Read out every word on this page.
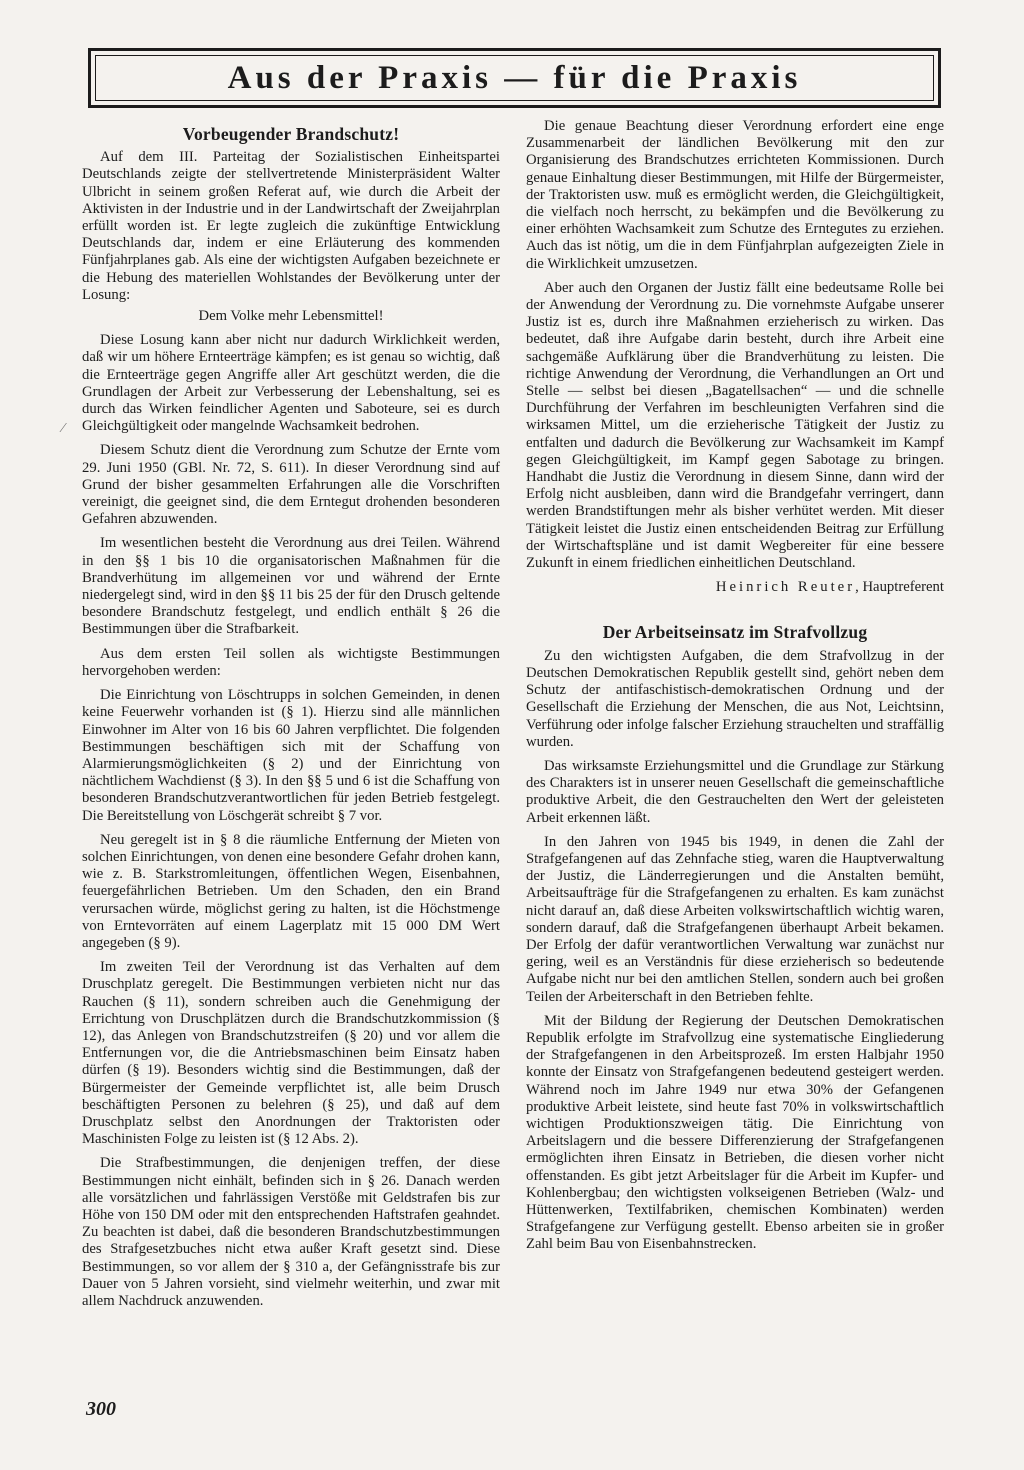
Aus der Praxis — für die Praxis
Vorbeugender Brandschutz!

Auf dem III. Parteitag der Sozialistischen Einheitspartei Deutschlands zeigte der stellvertretende Ministerpräsident Walter Ulbricht in seinem großen Referat auf, wie durch die Arbeit der Aktivisten in der Industrie und in der Landwirtschaft der Zweijahrplan erfüllt worden ist. Er legte zugleich die zukünftige Entwicklung Deutschlands dar, indem er eine Erläuterung des kommenden Fünfjahrplanes gab. Als eine der wichtigsten Aufgaben bezeichnete er die Hebung des materiellen Wohlstandes der Bevölkerung unter der Losung:

Dem Volke mehr Lebensmittel!

Diese Losung kann aber nicht nur dadurch Wirklichkeit werden, daß wir um höhere Ernteerträge kämpfen; es ist genau so wichtig, daß die Ernteerträge gegen Angriffe aller Art geschützt werden, die die Grundlagen der Arbeit zur Verbesserung der Lebenshaltung, sei es durch das Wirken feindlicher Agenten und Saboteure, sei es durch Gleichgültigkeit oder mangelnde Wachsamkeit bedrohen.

Diesem Schutz dient die Verordnung zum Schutze der Ernte vom 29. Juni 1950 (GBl. Nr. 72, S. 611). In dieser Verordnung sind auf Grund der bisher gesammelten Erfahrungen alle die Vorschriften vereinigt, die geeignet sind, die dem Erntegut drohenden besonderen Gefahren abzuwenden.

Im wesentlichen besteht die Verordnung aus drei Teilen. Während in den §§ 1 bis 10 die organisatorischen Maßnahmen für die Brandverhütung im allgemeinen vor und während der Ernte niedergelegt sind, wird in den §§ 11 bis 25 der für den Drusch geltende besondere Brandschutz festgelegt, und endlich enthält § 26 die Bestimmungen über die Strafbarkeit.

Aus dem ersten Teil sollen als wichtigste Bestimmungen hervorgehoben werden:

Die Einrichtung von Löschtrupps in solchen Gemeinden, in denen keine Feuerwehr vorhanden ist (§ 1). Hierzu sind alle männlichen Einwohner im Alter von 16 bis 60 Jahren verpflichtet. Die folgenden Bestimmungen beschäftigen sich mit der Schaffung von Alarmierungsmöglichkeiten (§ 2) und der Einrichtung von nächtlichem Wachdienst (§ 3). In den §§ 5 und 6 ist die Schaffung von besonderen Brandschutzverantwortlichen für jeden Betrieb festgelegt. Die Bereitstellung von Löschgerät schreibt § 7 vor.

Neu geregelt ist in § 8 die räumliche Entfernung der Mieten von solchen Einrichtungen, von denen eine besondere Gefahr drohen kann, wie z. B. Starkstromleitungen, öffentlichen Wegen, Eisenbahnen, feuergefährlichen Betrieben. Um den Schaden, den ein Brand verursachen würde, möglichst gering zu halten, ist die Höchstmenge von Erntevorräten auf einem Lagerplatz mit 15 000 DM Wert angegeben (§ 9).

Im zweiten Teil der Verordnung ist das Verhalten auf dem Druschplatz geregelt. Die Bestimmungen verbieten nicht nur das Rauchen (§ 11), sondern schreiben auch die Genehmigung der Errichtung von Druschplätzen durch die Brandschutzkommission (§ 12), das Anlegen von Brandschutzstreifen (§ 20) und vor allem die Entfernungen vor, die die Antriebsmaschinen beim Einsatz haben dürfen (§ 19). Besonders wichtig sind die Bestimmungen, daß der Bürgermeister der Gemeinde verpflichtet ist, alle beim Drusch beschäftigten Personen zu belehren (§ 25), und daß auf dem Druschplatz selbst den Anordnungen der Traktoristen oder Maschinisten Folge zu leisten ist (§ 12 Abs. 2).

Die Strafbestimmungen, die denjenigen treffen, der diese Bestimmungen nicht einhält, befinden sich in § 26. Danach werden alle vorsätzlichen und fahrlässigen Verstöße mit Geldstrafen bis zur Höhe von 150 DM oder mit den entsprechenden Haftstrafen geahndet. Zu beachten ist dabei, daß die besonderen Brandschutzbestimmungen des Strafgesetzbuches nicht etwa außer Kraft gesetzt sind. Diese Bestimmungen, so vor allem der § 310 a, der Gefängnisstrafe bis zur Dauer von 5 Jahren vorsieht, sind vielmehr weiterhin, und zwar mit allem Nachdruck anzuwenden.

Die genaue Beachtung dieser Verordnung erfordert eine enge Zusammenarbeit der ländlichen Bevölkerung mit den zur Organisierung des Brandschutzes errichteten Kommissionen. Durch genaue Einhaltung dieser Bestimmungen, mit Hilfe der Bürgermeister, der Traktoristen usw. muß es ermöglicht werden, die Gleichgültigkeit, die vielfach noch herrscht, zu bekämpfen und die Bevölkerung zu einer erhöhten Wachsamkeit zum Schutze des Erntegutes zu erziehen. Auch das ist nötig, um die in dem Fünfjahrplan aufgezeigten Ziele in die Wirklichkeit umzusetzen.

Aber auch den Organen der Justiz fällt eine bedeutsame Rolle bei der Anwendung der Verordnung zu. Die vornehmste Aufgabe unserer Justiz ist es, durch ihre Maßnahmen erzieherisch zu wirken. Das bedeutet, daß ihre Aufgabe darin besteht, durch ihre Arbeit eine sachgemäße Aufklärung über die Brandverhütung zu leisten. Die richtige Anwendung der Verordnung, die Verhandlungen an Ort und Stelle — selbst bei diesen „Bagatellsachen“ — und die schnelle Durchführung der Verfahren im beschleunigten Verfahren sind die wirksamen Mittel, um die erzieherische Tätigkeit der Justiz zu entfalten und dadurch die Bevölkerung zur Wachsamkeit im Kampf gegen Gleichgültigkeit, im Kampf gegen Sabotage zu bringen. Handhabt die Justiz die Verordnung in diesem Sinne, dann wird der Erfolg nicht ausbleiben, dann wird die Brandgefahr verringert, dann werden Brandstiftungen mehr als bisher verhütet werden. Mit dieser Tätigkeit leistet die Justiz einen entscheidenden Beitrag zur Erfüllung der Wirtschaftspläne und ist damit Wegbereiter für eine bessere Zukunft in einem friedlichen einheitlichen Deutschland.

Heinrich Reuter, Hauptreferent

Der Arbeitseinsatz im Strafvollzug

Zu den wichtigsten Aufgaben, die dem Strafvollzug in der Deutschen Demokratischen Republik gestellt sind, gehört neben dem Schutz der antifaschistisch-demokratischen Ordnung und der Gesellschaft die Erziehung der Menschen, die aus Not, Leichtsinn, Verführung oder infolge falscher Erziehung strauchelten und straffällig wurden.

Das wirksamste Erziehungsmittel und die Grundlage zur Stärkung des Charakters ist in unserer neuen Gesellschaft die gemeinschaftliche produktive Arbeit, die den Gestrauchelten den Wert der geleisteten Arbeit erkennen läßt.

In den Jahren von 1945 bis 1949, in denen die Zahl der Strafgefangenen auf das Zehnfache stieg, waren die Hauptverwaltung der Justiz, die Länderregierungen und die Anstalten bemüht, Arbeitsaufträge für die Strafgefangenen zu erhalten. Es kam zunächst nicht darauf an, daß diese Arbeiten volkswirtschaftlich wichtig waren, sondern darauf, daß die Strafgefangenen überhaupt Arbeit bekamen. Der Erfolg der dafür verantwortlichen Verwaltung war zunächst nur gering, weil es an Verständnis für diese erzieherisch so bedeutende Aufgabe nicht nur bei den amtlichen Stellen, sondern auch bei großen Teilen der Arbeiterschaft in den Betrieben fehlte.

Mit der Bildung der Regierung der Deutschen Demokratischen Republik erfolgte im Strafvollzug eine systematische Eingliederung der Strafgefangenen in den Arbeitsprozeß. Im ersten Halbjahr 1950 konnte der Einsatz von Strafgefangenen bedeutend gesteigert werden. Während noch im Jahre 1949 nur etwa 30% der Gefangenen produktive Arbeit leistete, sind heute fast 70% in volkswirtschaftlich wichtigen Produktionszweigen tätig. Die Einrichtung von Arbeitslagern und die bessere Differenzierung der Strafgefangenen ermöglichten ihren Einsatz in Betrieben, die diesen vorher nicht offenstanden. Es gibt jetzt Arbeitslager für die Arbeit im Kupfer- und Kohlenbergbau; den wichtigsten volkseigenen Betrieben (Walz- und Hüttenwerken, Textilfabriken, chemischen Kombinaten) werden Strafgefangene zur Verfügung gestellt. Ebenso arbeiten sie in großer Zahl beim Bau von Eisenbahnstrecken.

⁄
300
